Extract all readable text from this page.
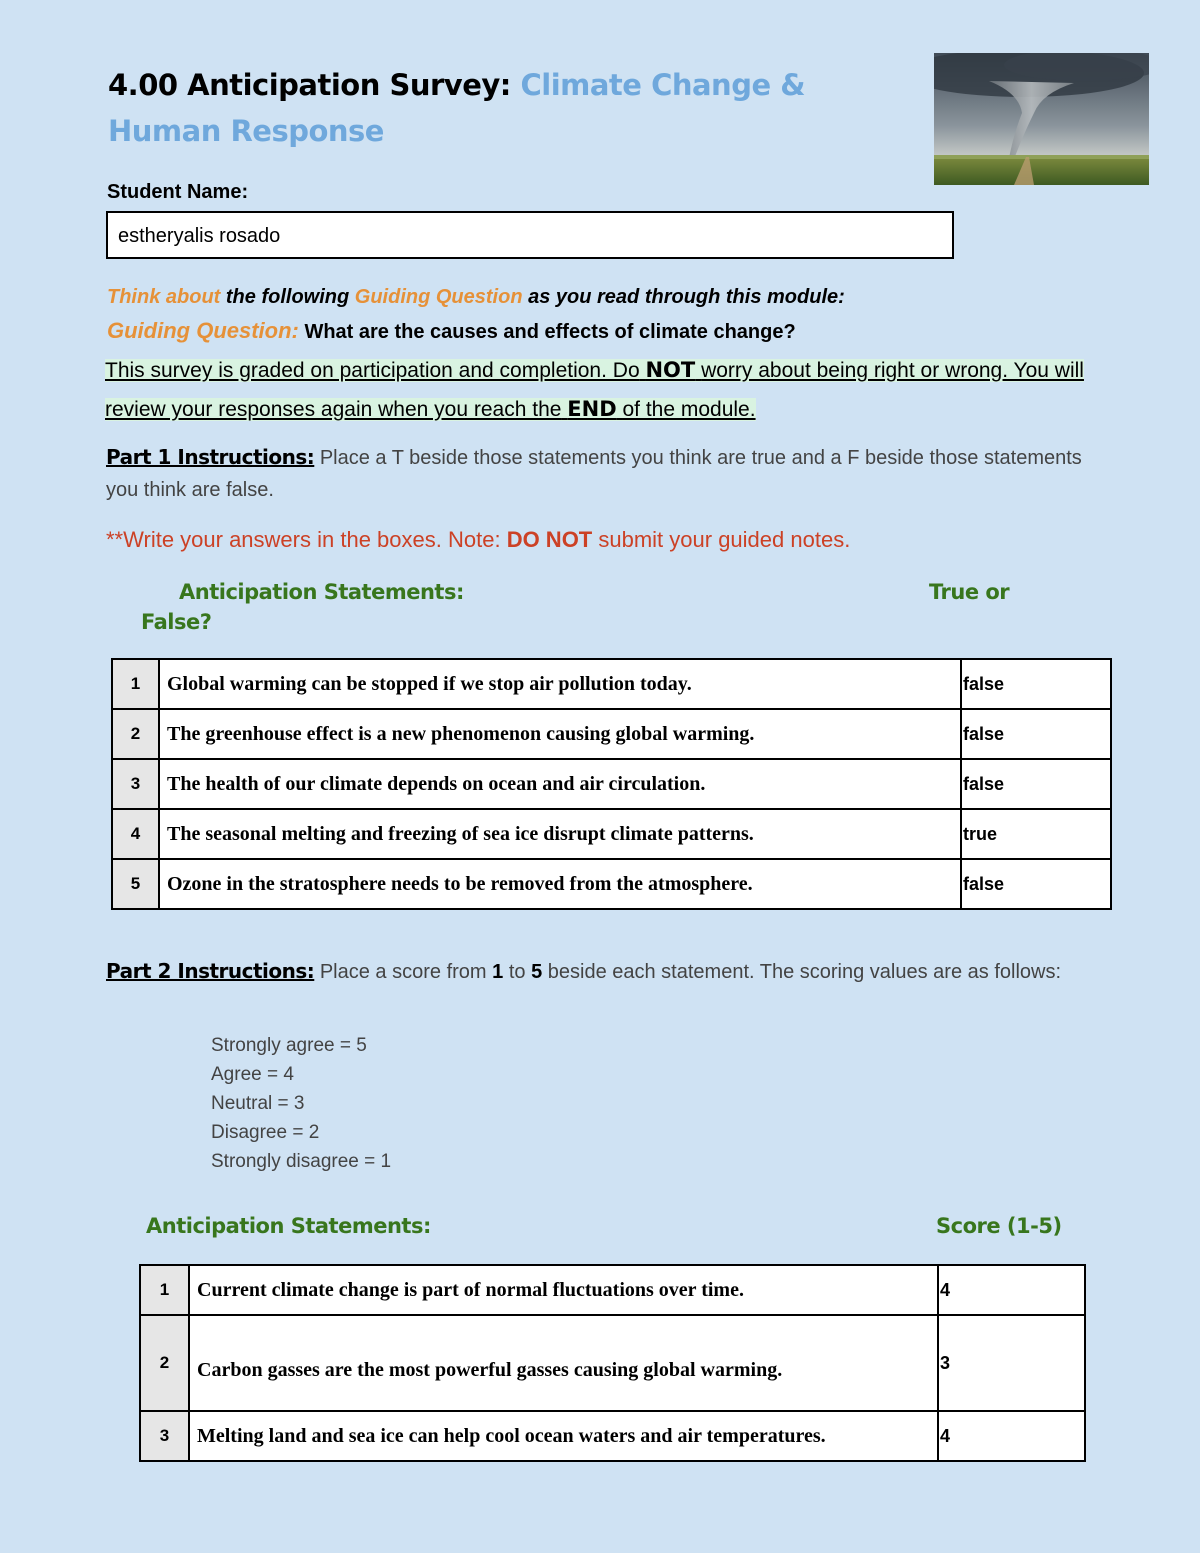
4.00 Anticipation Survey: Climate Change & Human Response
Student Name:
estheryalis rosado
Think about the following Guiding Question as you read through this module:
Guiding Question: What are the causes and effects of climate change?
This survey is graded on participation and completion. Do NOT worry about being right or wrong. You will review your responses again when you reach the END of the module.
Part 1 Instructions: Place a T beside those statements you think are true and a F beside those statements you think are false.
**Write your answers in the boxes. Note: DO NOT submit your guided notes.
Anticipation Statements:	True or
False?
1	Global warming can be stopped if we stop air pollution today.	false
2	The greenhouse effect is a new phenomenon causing global warming.	false
3	The health of our climate depends on ocean and air circulation.	false
4	The seasonal melting and freezing of sea ice disrupt climate patterns.	true
5	Ozone in the stratosphere needs to be removed from the atmosphere.	false
Part 2 Instructions: Place a score from 1 to 5 beside each statement. The scoring values are as follows:
Strongly agree = 5
Agree = 4
Neutral = 3
Disagree = 2
Strongly disagree = 1
Anticipation Statements:	Score (1-5)
1	Current climate change is part of normal fluctuations over time.	4
2	Carbon gasses are the most powerful gasses causing global warming.	3
3	Melting land and sea ice can help cool ocean waters and air temperatures.	4
